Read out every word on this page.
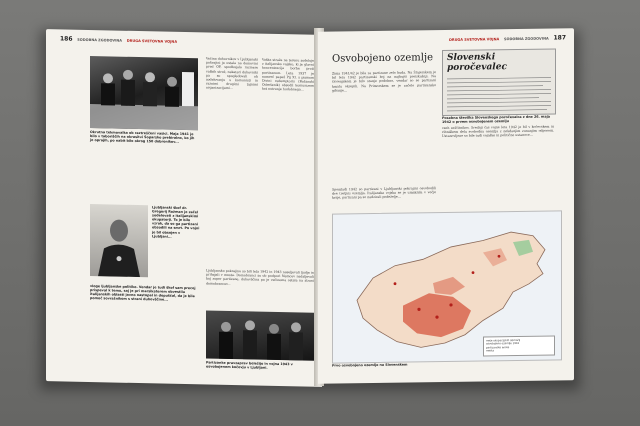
186 SODOBNA ZGODOVINA DRUGA SVETOVNA VOJNA
Okrutna tekmovalka ob raztreščeni vasici. Maja 1941 je bilo v taboriščih na okrasitvi Šoparsko prebiralno, ko jih je oprajih, po nabit bilo okrog 150 dobronikov...
Večina duhovnikov v Ljubljanski pokrajini je ostala na domovini pred OF, spodbujala razmere vaških straž, nekateri duhovniki pa so spogledovali ob sodelovanju s komunisti in raznimi drugimi tajnimi organizacijami...
Vaška straža na terenu sodeluje z italijansko vojsko, ki je glavni koncentracija borbe proti partizanom. Leta 1937 je namreč papež Pij XI. s pismom Divini redemptoris (Božanski Odrešenik) obsodil komunizem kot notranje hudobnega...
Ljubljanski škof dr. Gregorij Rožman je začel sodelovati z italijanskimi okupatorji. To je bilo vzrok, da so ga partizani obsodili na smrt. Po vojni je bil obsojen v Ljubljani...
vloge ljubljanske politike. Vendar je tudi škof sam precej prispeval k temu, saj je pri marsikaterem obvestilu italijanskih oblasti javno nastopal in dopuščal, da je bila pomoč sovražnikom s strani duhovščine...
Ljubljansko pokrajino so bili leta 1942 in 1943 naseljevali ljudje in prihajali v mesta. Domobranci so ob podpori Nemcev nadaljevali boj zoper partizane, duhovščina pa je večinoma ostala na strani domobrancev...
Partizanke pravzaprav beležijo in vojna 1943 v osvobojenem kočevju v Ljubljani.
DRUGA SVETOVNA VOJNA SODOBNA ZGODOVINA 187
Osvobojeno ozemlje	Slovenski poročevalec
Posebna številka Slovenskega poročevalca z dne 26. maja 1942 o prvem osvobojenem ozemlju
Zima 1941/42 je bila za partizane zelo huda. Na Štajerskem je bil leta 1942 partizanski boj na najhujši preizkušnji. Na Gorenjskem je bilo stanje podobno, vendar so se partizani kmalu okrepili. Na Primorskem se je začelo partizansko gibanje...
vseh zaščitnikov. Srednji čas vojne leta 1942 je bil v kočevskem in ribniškem delu svobodna ozemlja z nekdanjim zunanjim odporom. Ustanovljene so bile tudi vojaške in politične ustanove...
Spomladi 1942 so partizani v Ljubljanski pokrajini osvobodili dve tretjini ozemlja. Italijanska vojska se je umaknila v večje kraje, partizani pa so nadzirali podeželje...
meje okupacijskih območij
osvobojeno ozemlje 1942
partizanske enote
mesta
Prvo osvobojeno ozemlje na Slovenskem
